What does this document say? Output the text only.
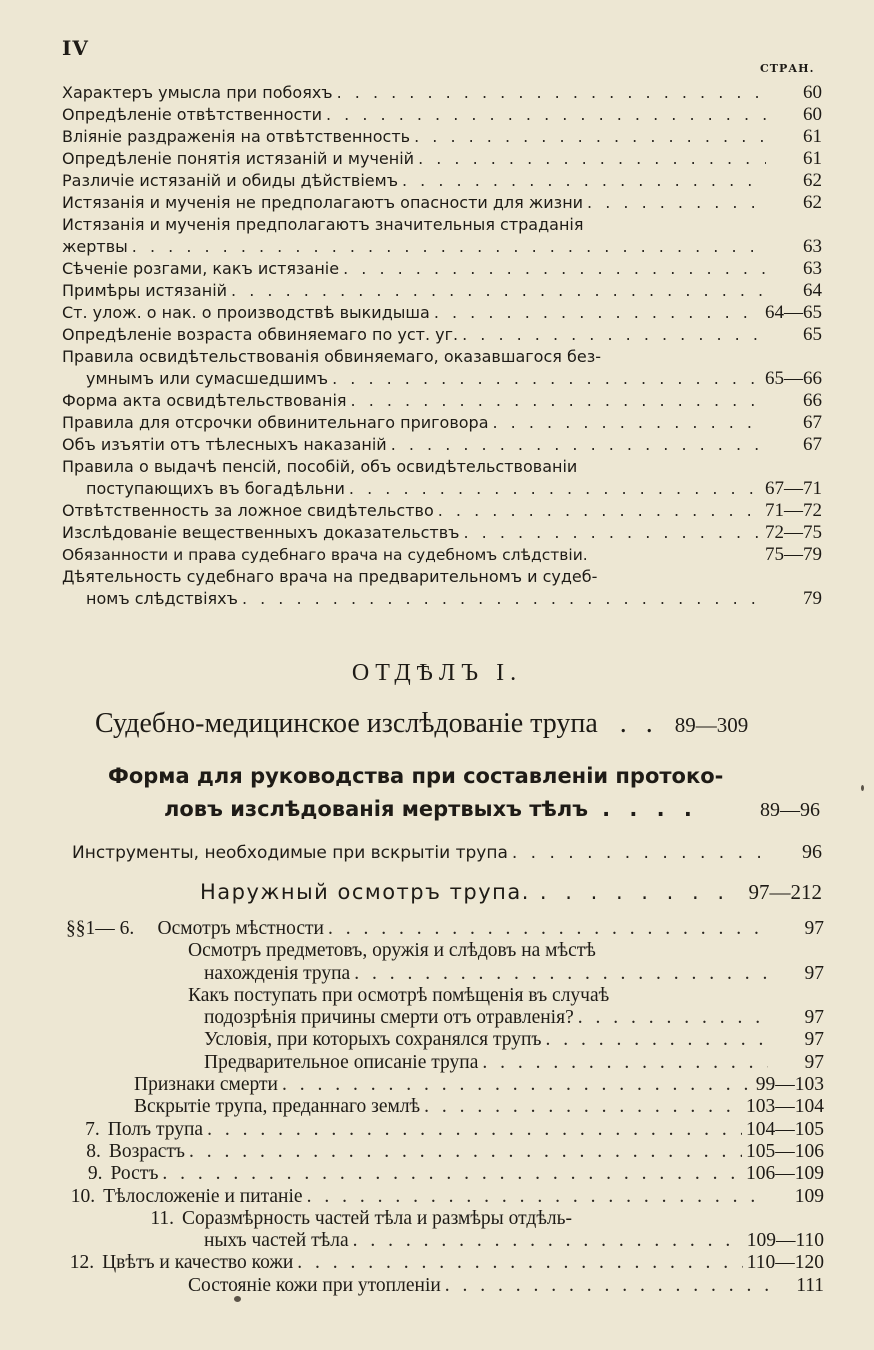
IV
СТРАН.
Характеръ умысла при побояхъ . . .	60
Опредѣленіе отвѣтственности . . .	60
Вліяніе раздраженія на отвѣтственность . . .	61
Опредѣленіе понятія истязаній и мученій . . .	61
Различіе истязаній и обиды дѣйствіемъ . . .	62
Истязанія и мученія не предполагаютъ опасности для жизни . . .	62
Истязанія и мученія предполагаютъ значительныя страданія
жертвы . . .	63
Сѣченіе розгами, какъ истязаніе . . .	63
Примѣры истязаній . . .	64
Ст. улож. о нак. о производствѣ выкидыша . . .	64—65
Опредѣленіе возраста обвиняемаго по уст. уг. . . .	65
Правила освидѣтельствованія обвиняемаго, оказавшагося без-
умнымъ или сумасшедшимъ . . .	65—66
Форма акта освидѣтельствованія . . .	66
Правила для отсрочки обвинительнаго приговора . . .	67
Объ изъятіи отъ тѣлесныхъ наказаній . . .	67
Правила о выдачѣ пенсій, пособій, объ освидѣтельствованіи
поступающихъ въ богадѣльни . . .	67—71
Отвѣтственность за ложное свидѣтельство . . .	71—72
Изслѣдованіе вещественныхъ доказательствъ . . .	72—75
Обязанности и права судебнаго врача на судебномъ слѣдствіи.	75—79
Дѣятельность судебнаго врача на предварительномъ и судеб-
номъ слѣдствіяхъ . . .	79
ОТДѢЛЪ I.
Судебно-медицинское изслѣдованіе трупа . . 89—309
Форма для руководства при составленіи протоко-
ловъ изслѣдованія мертвыхъ тѣлъ . . . .	89—96
Инструменты, необходимые при вскрытіи трупа . . .	96
Наружный осмотръ трупа. . . . . . . . . 97—212
§§ 1— 6.	Осмотръ мѣстности . . .	97
Осмотръ предметовъ, оружія и слѣдовъ на мѣстѣ
нахожденія трупа . . .	97
Какъ поступать при осмотрѣ помѣщенія въ случаѣ
подозрѣнія причины смерти отъ отравленія? . . .	97
Условія, при которыхъ сохранялся трупъ . . .	97
Предварительное описаніе трупа . . .	97
Признаки смерти . . .	99—103
Вскрытіе трупа, преданнаго землѣ . . .	103—104
7. Полъ трупа . . .	104—105
8. Возрастъ . . .	105—106
9. Ростъ . . .	106—109
10. Тѣлосложеніе и питаніе . . .	109
11. Соразмѣрность частей тѣла и размѣры отдѣль-
ныхъ частей тѣла . . .	109—110
12. Цвѣтъ и качество кожи . . .	110—120
Состояніе кожи при утопленіи . . .	111
